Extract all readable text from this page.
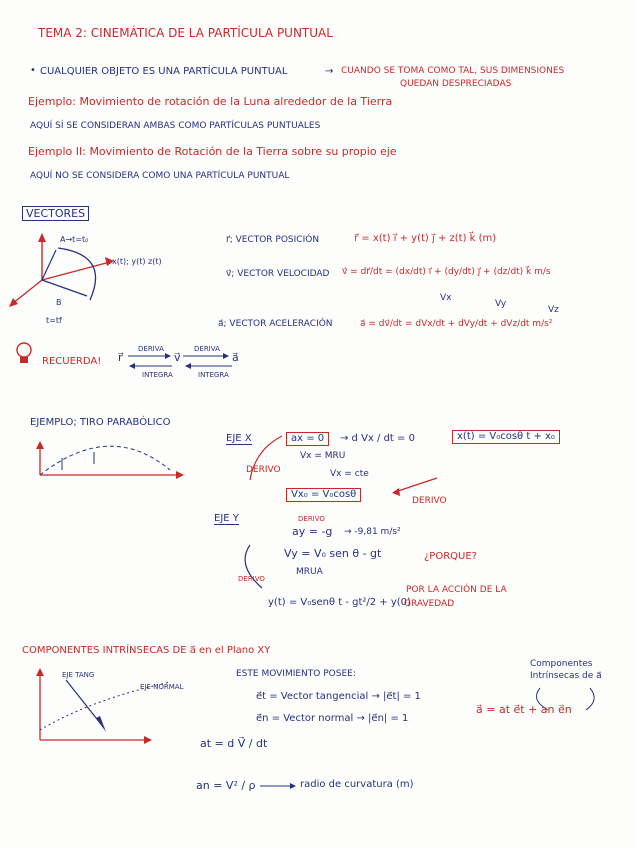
TEMA 2: CINEMÁTICA DE LA PARTÍCULA PUNTUAL
• CUALQUIER OBJETO ES UNA PARTÍCULA PUNTUAL	→ CUANDO SE TOMA COMO TAL, SUS DIMENSIONES
QUEDAN DESPRECIADAS
Ejemplo: Movimiento de rotación de la Luna alrededor de la Tierra
AQUÍ SÍ SE CONSIDERAN AMBAS COMO PARTÍCULAS PUNTUALES
Ejemplo II: Movimiento de Rotación de la Tierra sobre su propio eje
AQUÍ NO SE CONSIDERA COMO UNA PARTÍCULA PUNTUAL
VECTORES
A→t=t₀
x(t); y(t) z(t)
B
t=tf
r⃗; VECTOR POSICIÓN	r⃗ = x(t) i⃗ + y(t) j⃗ + z(t) k⃗ (m)
v⃗; VECTOR VELOCIDAD v⃗ = dr⃗/dt = (dx/dt) i⃗ + (dy/dt) j⃗ + (dz/dt) k⃗ m/s
Vx
Vy
Vz
a⃗; VECTOR ACELERACIÓN	a⃗ = dv⃗/dt = dVx/dt + dVy/dt + dVz/dt m/s²
RECUERDA! r⃗	v⃗	a⃗
DERIVA	DERIVA
INTEGRA	INTEGRA
EJEMPLO; TIRO PARABÓLICO
EJE X	ax = 0	→ d Vx / dt = 0	x(t) = V₀cosθ t + x₀
Vx = MRU
DERIVO	Vx = cte
Vx₀ = V₀cosθ
DERIVO
EJE Y	DERIVO
ay = -g → -9,81 m/s²
Vy = V₀ sen θ - gt	¿PORQUE?
MRUA
DERIVO
POR LA ACCIÓN DE LA
y(t) = V₀senθ t - gt²/2 + y(0)
GRAVEDAD
COMPONENTES INTRÍNSECAS DE a⃗ en el Plano XY
EJE TANG
EJE NORMAL
ESTE MOVIMIENTO POSEE:
e⃗t = Vector tangencial → |e⃗t| = 1
e⃗n = Vector normal → |e⃗n| = 1
a⃗ = at e⃗t + an e⃗n
Componentes
Intrínsecas de a⃗
at = d V⃗ / dt
an = V² / ρ	radio de curvatura (m)
